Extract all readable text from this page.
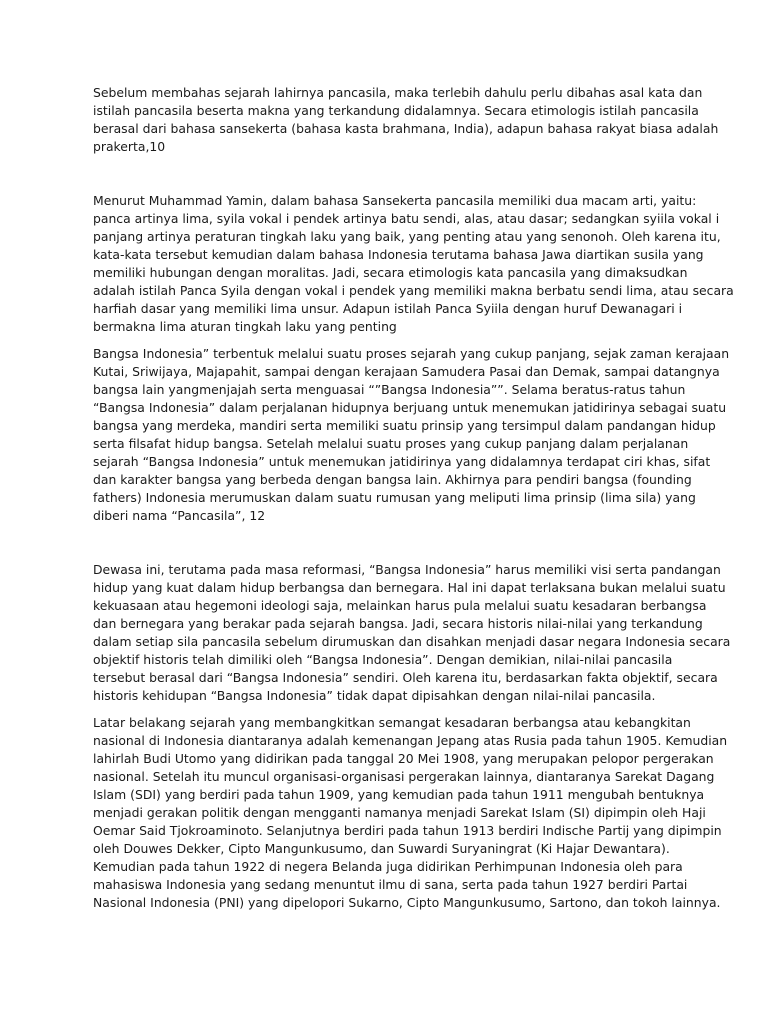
Sebelum membahas sejarah lahirnya pancasila, maka terlebih dahulu perlu dibahas asal kata dan
istilah pancasila beserta makna yang terkandung didalamnya. Secara etimologis istilah pancasila
berasal dari bahasa sansekerta (bahasa kasta brahmana, India), adapun bahasa rakyat biasa adalah
prakerta,10

Menurut Muhammad Yamin, dalam bahasa Sansekerta pancasila memiliki dua macam arti, yaitu:
panca artinya lima, syila vokal i pendek artinya batu sendi, alas, atau dasar; sedangkan syiila vokal i
panjang artinya peraturan tingkah laku yang baik, yang penting atau yang senonoh. Oleh karena itu,
kata-kata tersebut kemudian dalam bahasa Indonesia terutama bahasa Jawa diartikan susila yang
memiliki hubungan dengan moralitas. Jadi, secara etimologis kata pancasila yang dimaksudkan
adalah istilah Panca Syila dengan vokal i pendek yang memiliki makna berbatu sendi lima, atau secara
harfiah dasar yang memiliki lima unsur. Adapun istilah Panca Syiila dengan huruf Dewanagari i
bermakna lima aturan tingkah laku yang penting

Bangsa Indonesia” terbentuk melalui suatu proses sejarah yang cukup panjang, sejak zaman kerajaan
Kutai, Sriwijaya, Majapahit, sampai dengan kerajaan Samudera Pasai dan Demak, sampai datangnya
bangsa lain yangmenjajah serta menguasai “”Bangsa Indonesia””. Selama beratus-ratus tahun
“Bangsa Indonesia” dalam perjalanan hidupnya berjuang untuk menemukan jatidirinya sebagai suatu
bangsa yang merdeka, mandiri serta memiliki suatu prinsip yang tersimpul dalam pandangan hidup
serta filsafat hidup bangsa. Setelah melalui suatu proses yang cukup panjang dalam perjalanan
sejarah “Bangsa Indonesia” untuk menemukan jatidirinya yang didalamnya terdapat ciri khas, sifat
dan karakter bangsa yang berbeda dengan bangsa lain. Akhirnya para pendiri bangsa (founding
fathers) Indonesia merumuskan dalam suatu rumusan yang meliputi lima prinsip (lima sila) yang
diberi nama “Pancasila”, 12

Dewasa ini, terutama pada masa reformasi, “Bangsa Indonesia” harus memiliki visi serta pandangan
hidup yang kuat dalam hidup berbangsa dan bernegara. Hal ini dapat terlaksana bukan melalui suatu
kekuasaan atau hegemoni ideologi saja, melainkan harus pula melalui suatu kesadaran berbangsa
dan bernegara yang berakar pada sejarah bangsa. Jadi, secara historis nilai-nilai yang terkandung
dalam setiap sila pancasila sebelum dirumuskan dan disahkan menjadi dasar negara Indonesia secara
objektif historis telah dimiliki oleh “Bangsa Indonesia”. Dengan demikian, nilai-nilai pancasila
tersebut berasal dari “Bangsa Indonesia” sendiri. Oleh karena itu, berdasarkan fakta objektif, secara
historis kehidupan “Bangsa Indonesia” tidak dapat dipisahkan dengan nilai-nilai pancasila.

Latar belakang sejarah yang membangkitkan semangat kesadaran berbangsa atau kebangkitan
nasional di Indonesia diantaranya adalah kemenangan Jepang atas Rusia pada tahun 1905. Kemudian
lahirlah Budi Utomo yang didirikan pada tanggal 20 Mei 1908, yang merupakan pelopor pergerakan
nasional. Setelah itu muncul organisasi-organisasi pergerakan lainnya, diantaranya Sarekat Dagang
Islam (SDI) yang berdiri pada tahun 1909, yang kemudian pada tahun 1911 mengubah bentuknya
menjadi gerakan politik dengan mengganti namanya menjadi Sarekat Islam (SI) dipimpin oleh Haji
Oemar Said Tjokroaminoto. Selanjutnya berdiri pada tahun 1913 berdiri Indische Partij yang dipimpin
oleh Douwes Dekker, Cipto Mangunkusumo, dan Suwardi Suryaningrat (Ki Hajar Dewantara).
Kemudian pada tahun 1922 di negera Belanda juga didirikan Perhimpunan Indonesia oleh para
mahasiswa Indonesia yang sedang menuntut ilmu di sana, serta pada tahun 1927 berdiri Partai
Nasional Indonesia (PNI) yang dipelopori Sukarno, Cipto Mangunkusumo, Sartono, dan tokoh lainnya.
